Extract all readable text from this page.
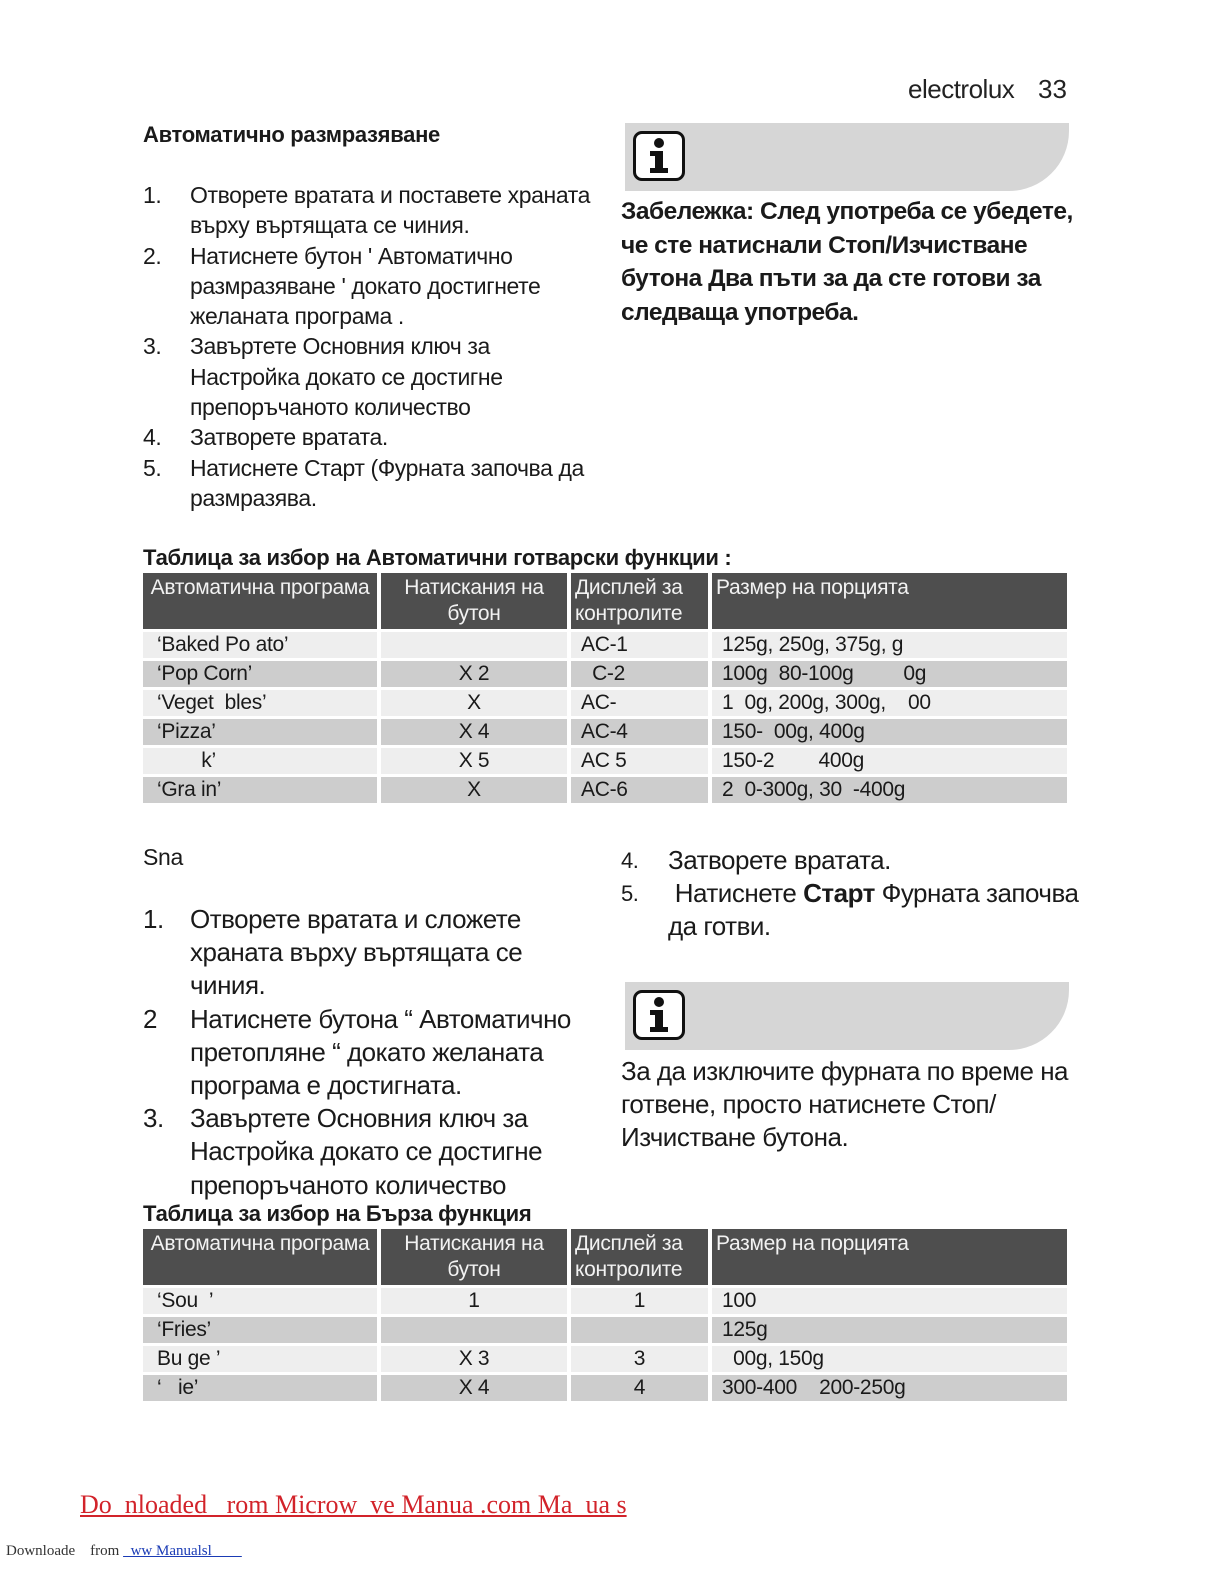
electrolux 33
Автоматично размразяване
1. Отворете вратата и поставете храната върху въртящата се чиния.
2. Натиснете бутон ' Автоматично размразяване ' докато достигнете желаната програма .
3. Завъртете Основния ключ за Настройка докато се достигне препоръчаното количество
4. Затворете вратата.
5. Натиснете Старт (Фурната започва да размразява.
Забележка: След употреба се убедете, че сте натиснали Стоп/Изчистване бутона Два пъти за да сте готови за следваща употреба.
Таблица за избор на Автоматични готварски функции :
Автоматична програма	Натискания на бутон	Дисплей за контролите	Размер на порцията
‘Baked Po ato’		AC-1	125g, 250g, 375g, g
‘Pop Corn’	X 2	C-2	100g  80-100g         0g
‘Veget  bles’	X	AC-	1  0g, 200g, 300g,    00
‘Pizza’	X 4	AC-4	150-  00g, 400g
k’	X 5	AC 5	150-2        400g
‘Gra in’	X	AC-6	2  0-300g, 30  -400g
Sna
1. Отворете вратата и сложете храната върху въртящата се чиния.
2 Натиснете бутона “ Автоматично претопляне “ докато желаната програма е достигната.
3. Завъртете Основния ключ за Настройка докато се достигне препоръчаното количество
4. Затворете вратата.
5. Натиснете Старт Фурната започва да готви.
За да изключите фурната по време на готвене, просто натиснете Стоп/Изчистване бутона.
Таблица за избор на Бърза функция
Автоматична програма	Натискания на бутон	Дисплей за контролите	Размер на порцията
‘Sou  ’	1	1	100
‘Fries’			125g
Bu ge ’	X 3	3	00g, 150g
‘   ie’	X 4	4	300-400    200-250g
Do  nloaded   rom Microw  ve Manua .com Ma  ua s
Downloade    from   ww Manualsl
